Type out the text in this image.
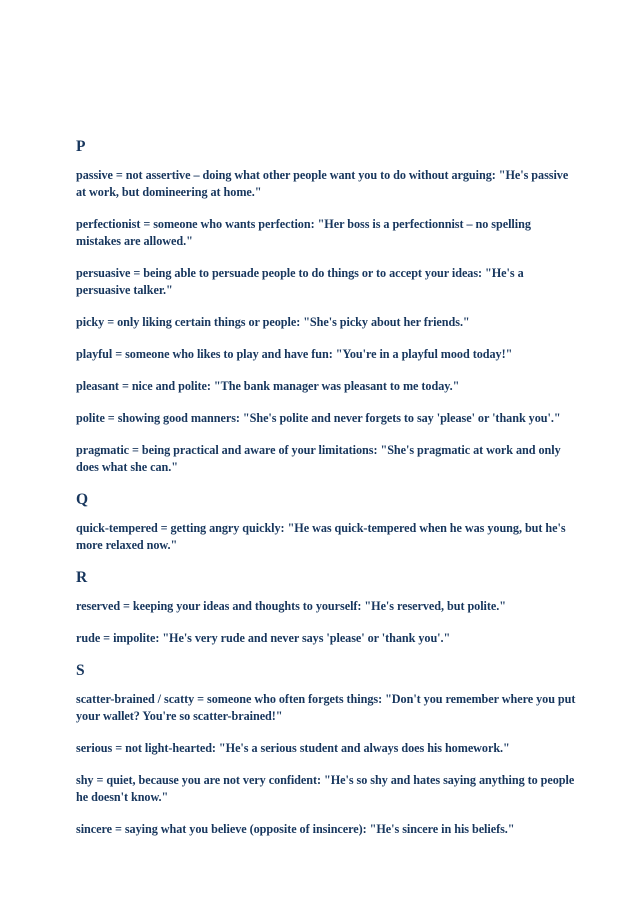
P

passive = not assertive – doing what other people want you to do without arguing: "He's passive at work, but domineering at home."

perfectionist = someone who wants perfection: "Her boss is a perfectionnist – no spelling mistakes are allowed."

persuasive = being able to persuade people to do things or to accept your ideas: "He's a persuasive talker."

picky = only liking certain things or people: "She's picky about her friends."

playful = someone who likes to play and have fun: "You're in a playful mood today!"

pleasant = nice and polite: "The bank manager was pleasant to me today."

polite = showing good manners: "She's polite and never forgets to say 'please' or 'thank you'."

pragmatic = being practical and aware of your limitations: "She's pragmatic at work and only does what she can."

Q

quick-tempered = getting angry quickly: "He was quick-tempered when he was young, but he's more relaxed now."

R

reserved = keeping your ideas and thoughts to yourself: "He's reserved, but polite."

rude = impolite: "He's very rude and never says 'please' or 'thank you'."

S

scatter-brained / scatty = someone who often forgets things: "Don't you remember where you put your wallet? You're so scatter-brained!"

serious = not light-hearted: "He's a serious student and always does his homework."

shy = quiet, because you are not very confident: "He's so shy and hates saying anything to people he doesn't know."

sincere = saying what you believe (opposite of insincere): "He's sincere in his beliefs."
